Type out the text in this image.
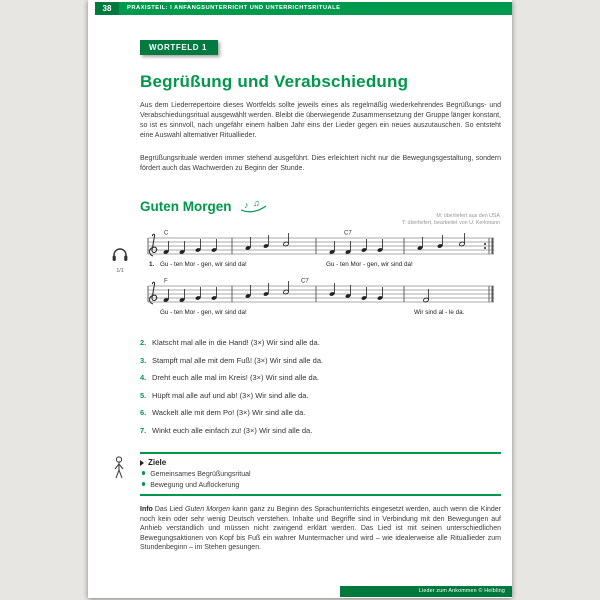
38	PRAXISTEIL: I ANFANGSUNTERRICHT UND UNTERRICHTSRITUALE
WORTFELD 1
Begrüßung und Verabschiedung
Aus dem Liederrepertoire dieses Wortfelds sollte jeweils eines als regelmäßig wiederkehrendes Begrüßungs- und Verabschiedungsritual ausgewählt werden. Bleibt die überwiegende Zusammensetzung der Gruppe länger konstant, so ist es sinnvoll, nach ungefähr einem halben Jahr eins der Lieder gegen ein neues auszutauschen. So entsteht eine Auswahl alternativer Rituallieder.
Begrüßungsrituale werden immer stehend ausgeführt. Dies erleichtert nicht nur die Bewegungsgestaltung, sondern fördert auch das Wachwerden zu Beginn der Stunde.
Guten Morgen ♪ ♫
M: überliefert aus den USA
T: überliefert, bearbeitet von U. Kerkmann
1/1
C	C7
1. Gu - ten Mor - gen, wir sind da!	Gu - ten Mor - gen, wir sind da!
F	C7
Gu - ten Mor - gen, wir sind da!	Wir sind al - le da.
2. Klatscht mal alle in die Hand! (3×) Wir sind alle da.
3. Stampft mal alle mit dem Fuß! (3×) Wir sind alle da.
4. Dreht euch alle mal im Kreis! (3×) Wir sind alle da.
5. Hüpft mal alle auf und ab! (3×) Wir sind alle da.
6. Wackelt alle mit dem Po! (3×) Wir sind alle da.
7. Winkt euch alle einfach zu! (3×) Wir sind alle da.
Ziele
Gemeinsames Begrüßungsritual
Bewegung und Auflockerung
Info Das Lied Guten Morgen kann ganz zu Beginn des Sprachunterrichts eingesetzt werden, auch wenn die Kinder noch kein oder sehr wenig Deutsch verstehen. Inhalte und Begriffe sind in Verbindung mit den Bewegungen auf Anhieb verständlich und müssen nicht zwingend erklärt werden. Das Lied ist mit seinen unterschiedlichen Bewegungsaktionen von Kopf bis Fuß ein wahrer Muntermacher und wird – wie idealerweise alle Rituallieder zum Stundenbeginn – im Stehen gesungen.
Lieder zum Ankommen © Helbling
